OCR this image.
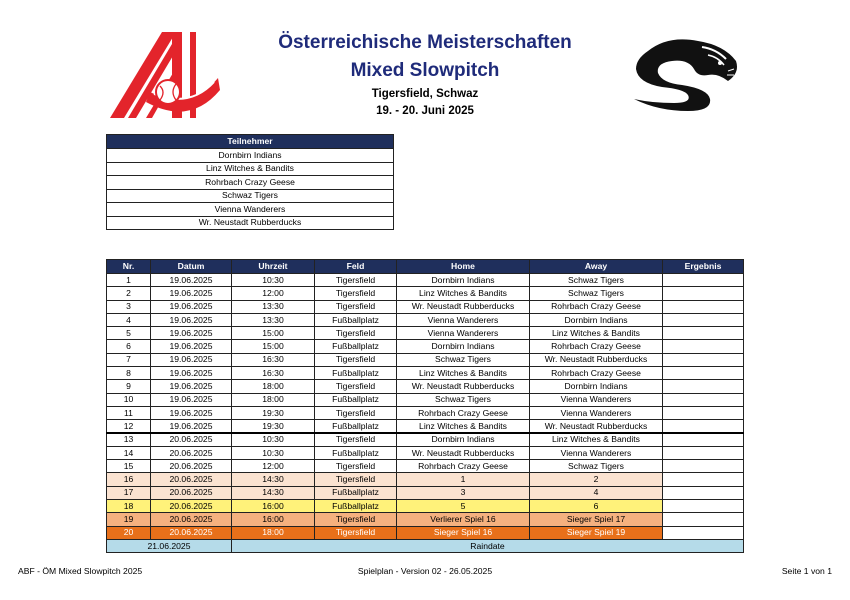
Österreichische Meisterschaften
Mixed Slowpitch
Tigersfield, Schwaz
19. - 20. Juni 2025
Teilnehmer
Dornbirn Indians
Linz Witches & Bandits
Rohrbach Crazy Geese
Schwaz Tigers
Vienna Wanderers
Wr. Neustadt Rubberducks
Nr.	Datum	Uhrzeit	Feld	Home	Away	Ergebnis
1	19.06.2025	10:30	Tigersfield	Dornbirn Indians	Schwaz Tigers	
2	19.06.2025	12:00	Tigersfield	Linz Witches & Bandits	Schwaz Tigers	
3	19.06.2025	13:30	Tigersfield	Wr. Neustadt Rubberducks	Rohrbach Crazy Geese	
4	19.06.2025	13:30	Fußballplatz	Vienna Wanderers	Dornbirn Indians	
5	19.06.2025	15:00	Tigersfield	Vienna Wanderers	Linz Witches & Bandits	
6	19.06.2025	15:00	Fußballplatz	Dornbirn Indians	Rohrbach Crazy Geese	
7	19.06.2025	16:30	Tigersfield	Schwaz Tigers	Wr. Neustadt Rubberducks	
8	19.06.2025	16:30	Fußballplatz	Linz Witches & Bandits	Rohrbach Crazy Geese	
9	19.06.2025	18:00	Tigersfield	Wr. Neustadt Rubberducks	Dornbirn Indians	
10	19.06.2025	18:00	Fußballplatz	Schwaz Tigers	Vienna Wanderers	
11	19.06.2025	19:30	Tigersfield	Rohrbach Crazy Geese	Vienna Wanderers	
12	19.06.2025	19:30	Fußballplatz	Linz Witches & Bandits	Wr. Neustadt Rubberducks	
13	20.06.2025	10:30	Tigersfield	Dornbirn Indians	Linz Witches & Bandits	
14	20.06.2025	10:30	Fußballplatz	Wr. Neustadt Rubberducks	Vienna Wanderers	
15	20.06.2025	12:00	Tigersfield	Rohrbach Crazy Geese	Schwaz Tigers	
16	20.06.2025	14:30	Tigersfield	1	2	
17	20.06.2025	14:30	Fußballplatz	3	4	
18	20.06.2025	16:00	Fußballplatz	5	6	
19	20.06.2025	16:00	Tigersfield	Verlierer Spiel 16	Sieger Spiel 17	
20	20.06.2025	18:00	Tigersfield	Sieger Spiel 16	Sieger Spiel 19	
21.06.2025		Raindate				
ABF - ÖM Mixed Slowpitch 2025	Spielplan - Version 02 - 26.05.2025	Seite 1 von 1
